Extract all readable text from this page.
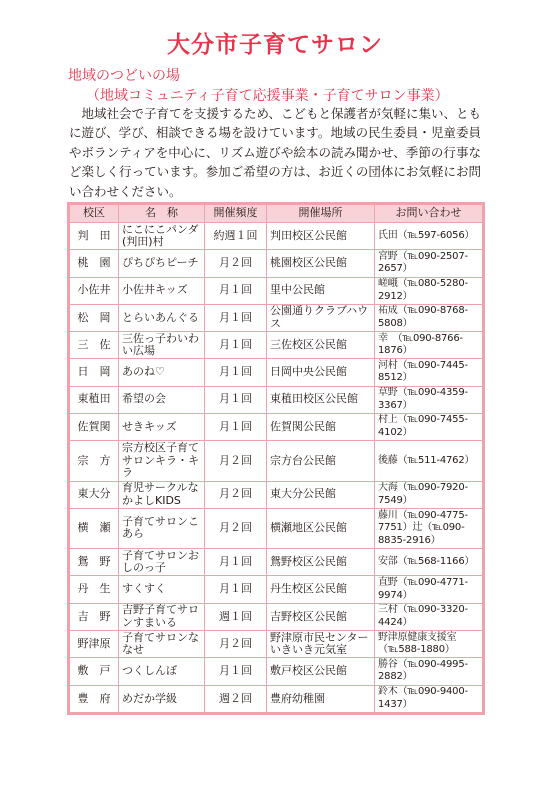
大分市子育てサロン

地域のつどいの場

（地域コミュニティ子育て応援事業・子育てサロン事業）

地域社会で子育てを支援するため、こどもと保護者が気軽に集い、ともに遊び、学び、相談できる場を設けています。地域の民生委員・児童委員やボランティアを中心に、リズム遊びや絵本の読み聞かせ、季節の行事など楽しく行っています。参加ご希望の方は、お近くの団体にお気軽にお問い合わせください。

校区	名　称	開催頻度	開催場所	お問い合わせ
判　田	にこにこパンダ(判田)村	約週１回	判田校区公民館	氏田（℡597-6056）
桃　園	ぴちぴちピーチ	月２回	桃園校区公民館	宮野（℡090-2507-2657）
小佐井	小佐井キッズ	月１回	里中公民館	嵯峨（℡080-5280-2912）
松　岡	とらいあんぐる	月１回	公園通りクラブハウス	祐成（℡090-8768-5808）
三　佐	三佐っ子わいわい広場	月１回	三佐校区公民館	幸　（℡090-8766-1876）
日　岡	あのね♡	月１回	日岡中央公民館	河村（℡090-7445-8512）
東稙田	希望の会	月１回	東稙田校区公民館	草野（℡090-4359-3367）
佐賀関	せきキッズ	月１回	佐賀関公民館	村上（℡090-7455-4102）
宗　方	宗方校区子育てサロンキラ・キラ	月２回	宗方台公民館	後藤（℡511-4762）
東大分	育児サークルなかよしKIDS	月２回	東大分公民館	大海（℡090-7920-7549）
横　瀬	子育てサロンこあら	月２回	横瀬地区公民館	藤川（℡090-4775-7751）辻（℡090-8835-2916）
鴛　野	子育てサロンおしのっ子	月１回	鴛野校区公民館	安部（℡568-1166）
丹　生	すくすく	月１回	丹生校区公民館	直野（℡090-4771-9974）
吉　野	吉野子育てサロンすまいる	週１回	吉野校区公民館	三村（℡090-3320-4424）
野津原	子育てサロンななせ	月２回	野津原市民センターいきいき元気室	野津原健康支援室（℡588-1880）
敷　戸	つくしんぼ	月１回	敷戸校区公民館	勝谷（℡090-4995-2882）
豊　府	めだか学級	週２回	豊府幼稚園	鈴木（℡090-9400-1437）
